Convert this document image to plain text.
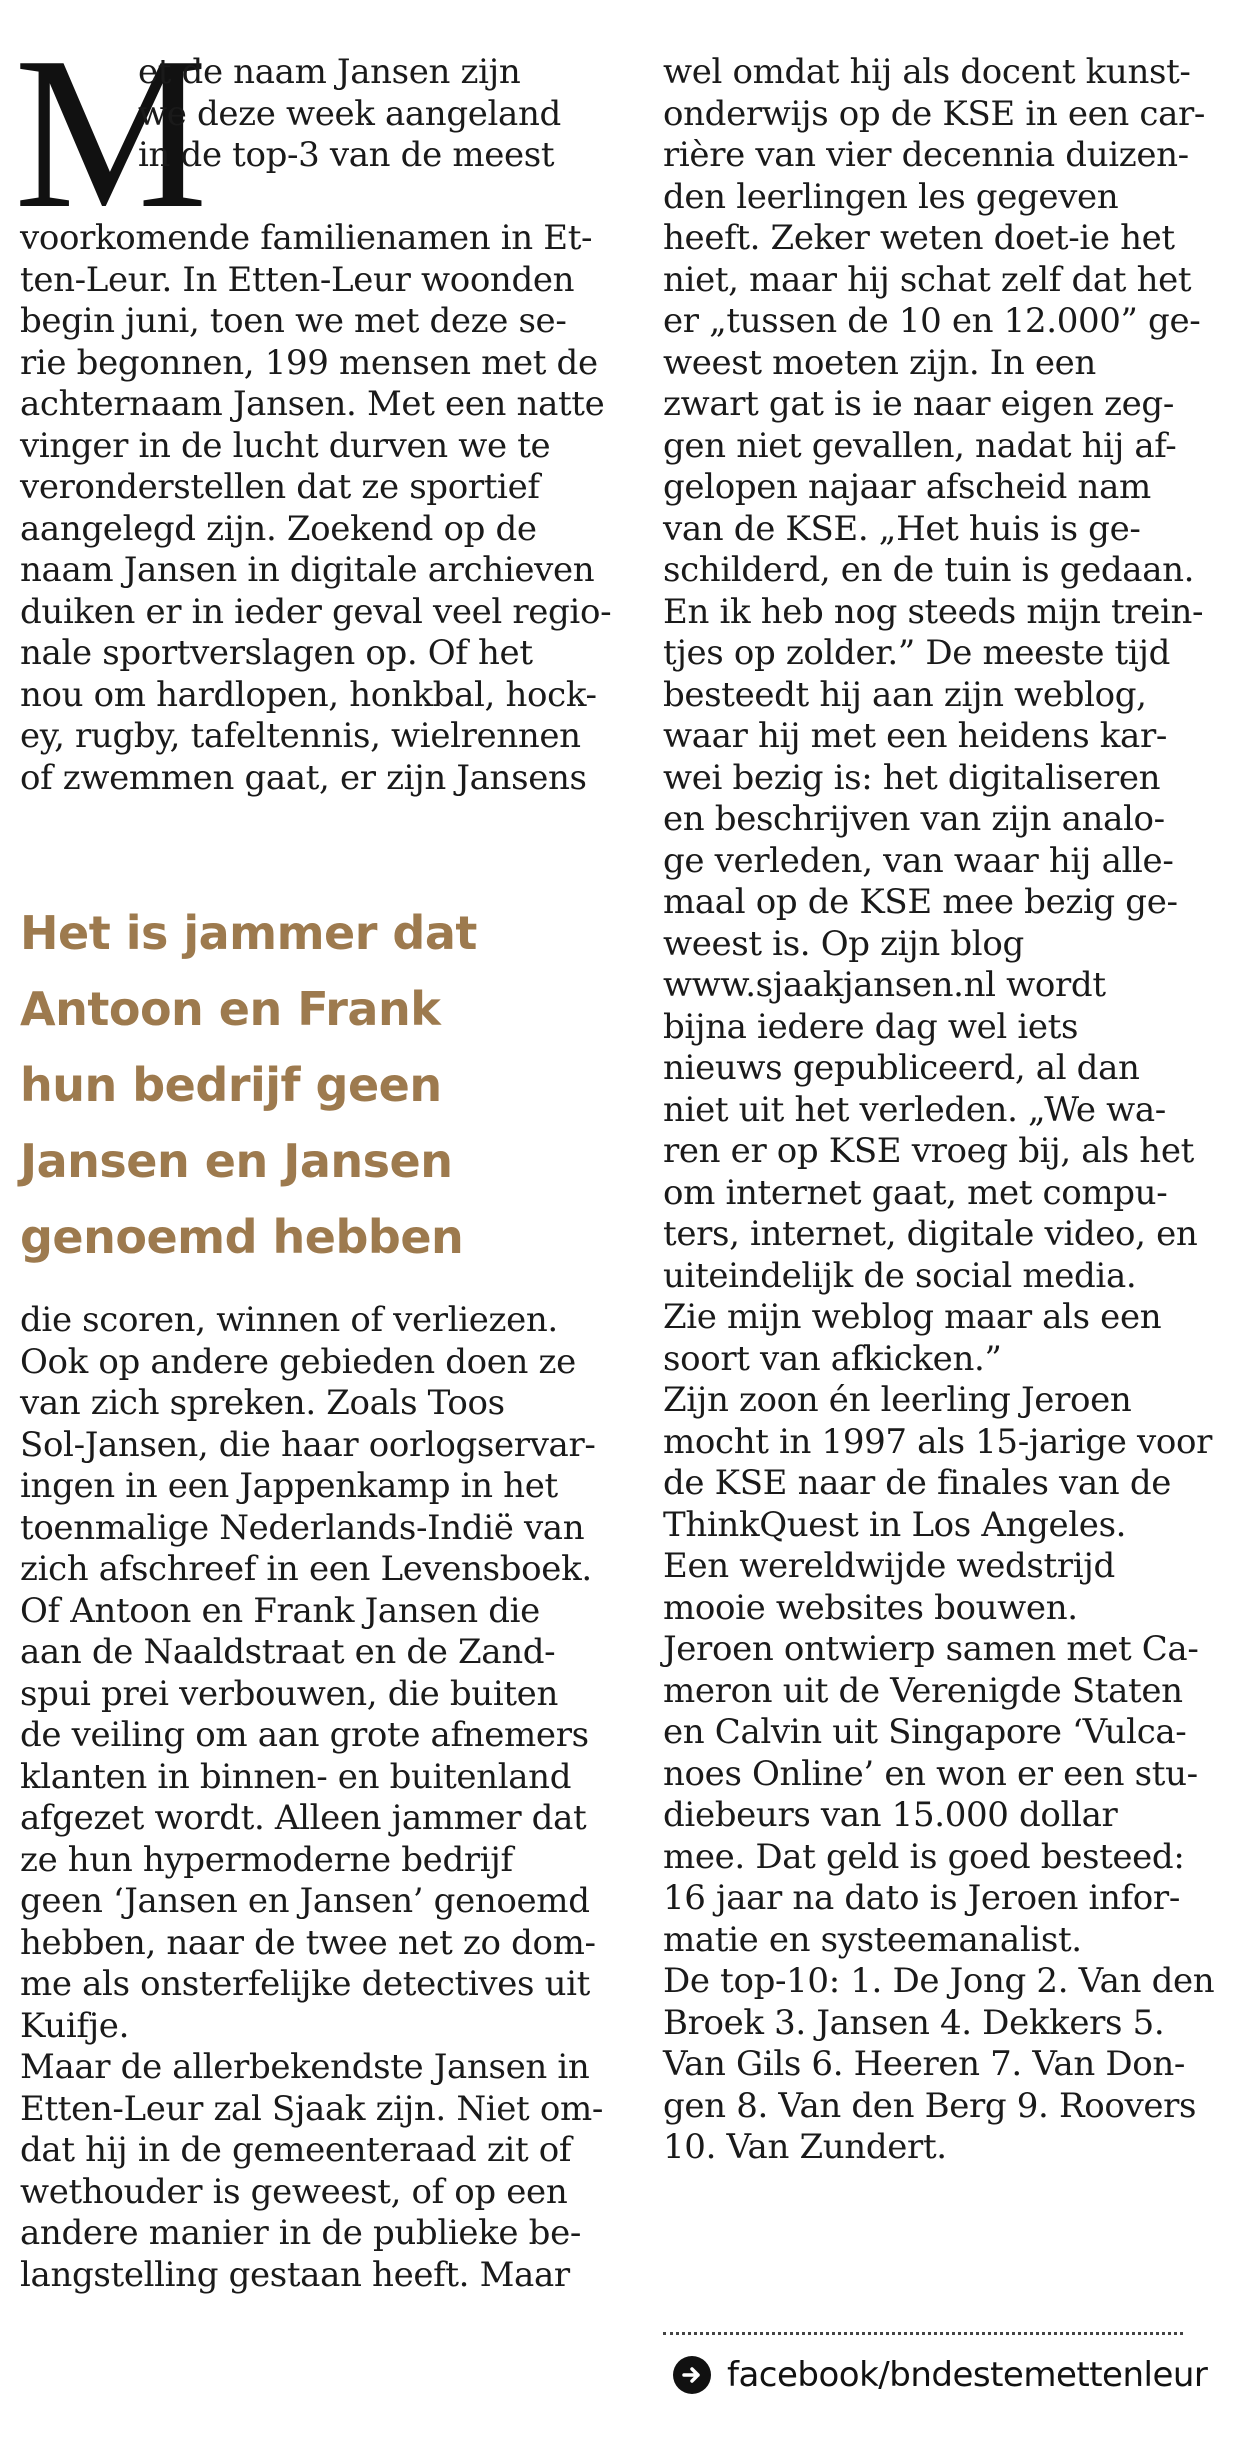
M
et de naam Jansen zijn
we deze week aangeland
in de top-3 van de meest
voorkomende familienamen in Et-
ten-Leur. In Etten-Leur woonden
begin juni, toen we met deze se-
rie begonnen, 199 mensen met de
achternaam Jansen. Met een natte
vinger in de lucht durven we te
veronderstellen dat ze sportief
aangelegd zijn. Zoekend op de
naam Jansen in digitale archieven
duiken er in ieder geval veel regio-
nale sportverslagen op. Of het
nou om hardlopen, honkbal, hock-
ey, rugby, tafeltennis, wielrennen
of zwemmen gaat, er zijn Jansens
Het is jammer dat
Antoon en Frank
hun bedrijf geen
Jansen en Jansen
genoemd hebben
die scoren, winnen of verliezen.
Ook op andere gebieden doen ze
van zich spreken. Zoals Toos
Sol-Jansen, die haar oorlogservar-
ingen in een Jappenkamp in het
toenmalige Nederlands-Indië van
zich afschreef in een Levensboek.
Of Antoon en Frank Jansen die
aan de Naaldstraat en de Zand-
spui prei verbouwen, die buiten
de veiling om aan grote afnemers
klanten in binnen- en buitenland
afgezet wordt. Alleen jammer dat
ze hun hypermoderne bedrijf
geen ‘Jansen en Jansen’ genoemd
hebben, naar de twee net zo dom-
me als onsterfelijke detectives uit
Kuifje.
Maar de allerbekendste Jansen in
Etten-Leur zal Sjaak zijn. Niet om-
dat hij in de gemeenteraad zit of
wethouder is geweest, of op een
andere manier in de publieke be-
langstelling gestaan heeft. Maar
wel omdat hij als docent kunst-
onderwijs op de KSE in een car-
rière van vier decennia duizen-
den leerlingen les gegeven
heeft. Zeker weten doet-ie het
niet, maar hij schat zelf dat het
er „tussen de 10 en 12.000” ge-
weest moeten zijn. In een
zwart gat is ie naar eigen zeg-
gen niet gevallen, nadat hij af-
gelopen najaar afscheid nam
van de KSE. „Het huis is ge-
schilderd, en de tuin is gedaan.
En ik heb nog steeds mijn trein-
tjes op zolder.” De meeste tijd
besteedt hij aan zijn weblog,
waar hij met een heidens kar-
wei bezig is: het digitaliseren
en beschrijven van zijn analo-
ge verleden, van waar hij alle-
maal op de KSE mee bezig ge-
weest is. Op zijn blog
www.sjaakjansen.nl wordt
bijna iedere dag wel iets
nieuws gepubliceerd, al dan
niet uit het verleden. „We wa-
ren er op KSE vroeg bij, als het
om internet gaat, met compu-
ters, internet, digitale video, en
uiteindelijk de social media.
Zie mijn weblog maar als een
soort van afkicken.”
Zijn zoon én leerling Jeroen
mocht in 1997 als 15-jarige voor
de KSE naar de finales van de
ThinkQuest in Los Angeles.
Een wereldwijde wedstrijd
mooie websites bouwen.
Jeroen ontwierp samen met Ca-
meron uit de Verenigde Staten
en Calvin uit Singapore ‘Vulca-
noes Online’ en won er een stu-
diebeurs van 15.000 dollar
mee. Dat geld is goed besteed:
16 jaar na dato is Jeroen infor-
matie en systeemanalist.
De top-10: 1. De Jong 2. Van den
Broek 3. Jansen 4. Dekkers 5.
Van Gils 6. Heeren 7. Van Don-
gen 8. Van den Berg 9. Roovers
10. Van Zundert.
facebook/bndestemettenleur
